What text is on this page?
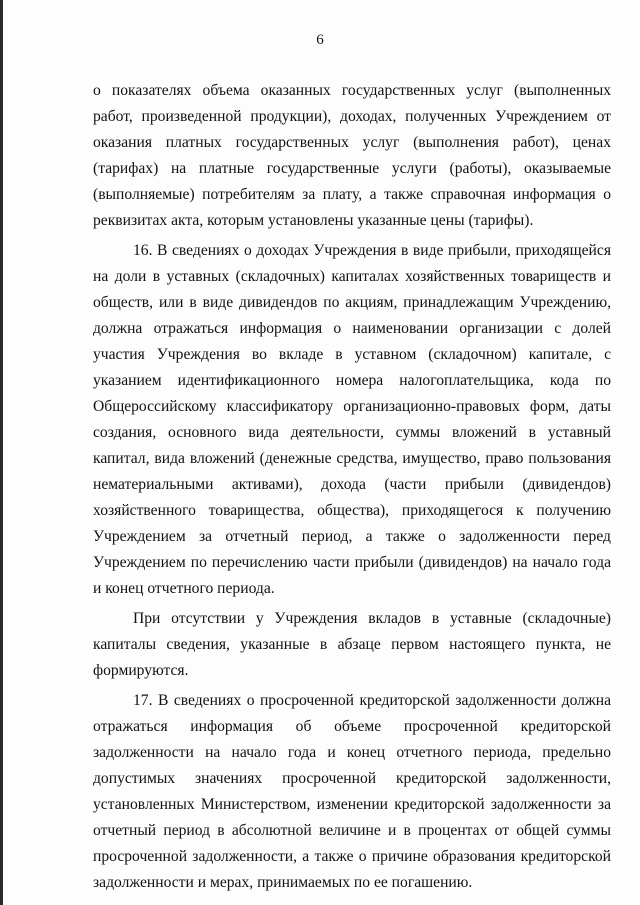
6

о показателях объема оказанных государственных услуг (выполненных работ, произведенной продукции), доходах, полученных Учреждением от оказания платных государственных услуг (выполнения работ), ценах (тарифах) на платные государственные услуги (работы), оказываемые (выполняемые) потребителям за плату, а также справочная информация о реквизитах акта, которым установлены указанные цены (тарифы).

16. В сведениях о доходах Учреждения в виде прибыли, приходящейся на доли в уставных (складочных) капиталах хозяйственных товариществ и обществ, или в виде дивидендов по акциям, принадлежащим Учреждению, должна отражаться информация о наименовании организации с долей участия Учреждения во вкладе в уставном (складочном) капитале, с указанием идентификационного номера налогоплательщика, кода по Общероссийскому классификатору организационно-правовых форм, даты создания, основного вида деятельности, суммы вложений в уставный капитал, вида вложений (денежные средства, имущество, право пользования нематериальными активами), дохода (части прибыли (дивидендов) хозяйственного товарищества, общества), приходящегося к получению Учреждением за отчетный период, а также о задолженности перед Учреждением по перечислению части прибыли (дивидендов) на начало года и конец отчетного периода.

При отсутствии у Учреждения вкладов в уставные (складочные) капиталы сведения, указанные в абзаце первом настоящего пункта, не формируются.

17. В сведениях о просроченной кредиторской задолженности должна отражаться информация об объеме просроченной кредиторской задолженности на начало года и конец отчетного периода, предельно допустимых значениях просроченной кредиторской задолженности, установленных Министерством, изменении кредиторской задолженности за отчетный период в абсолютной величине и в процентах от общей суммы просроченной задолженности, а также о причине образования кредиторской задолженности и мерах, принимаемых по ее погашению.
